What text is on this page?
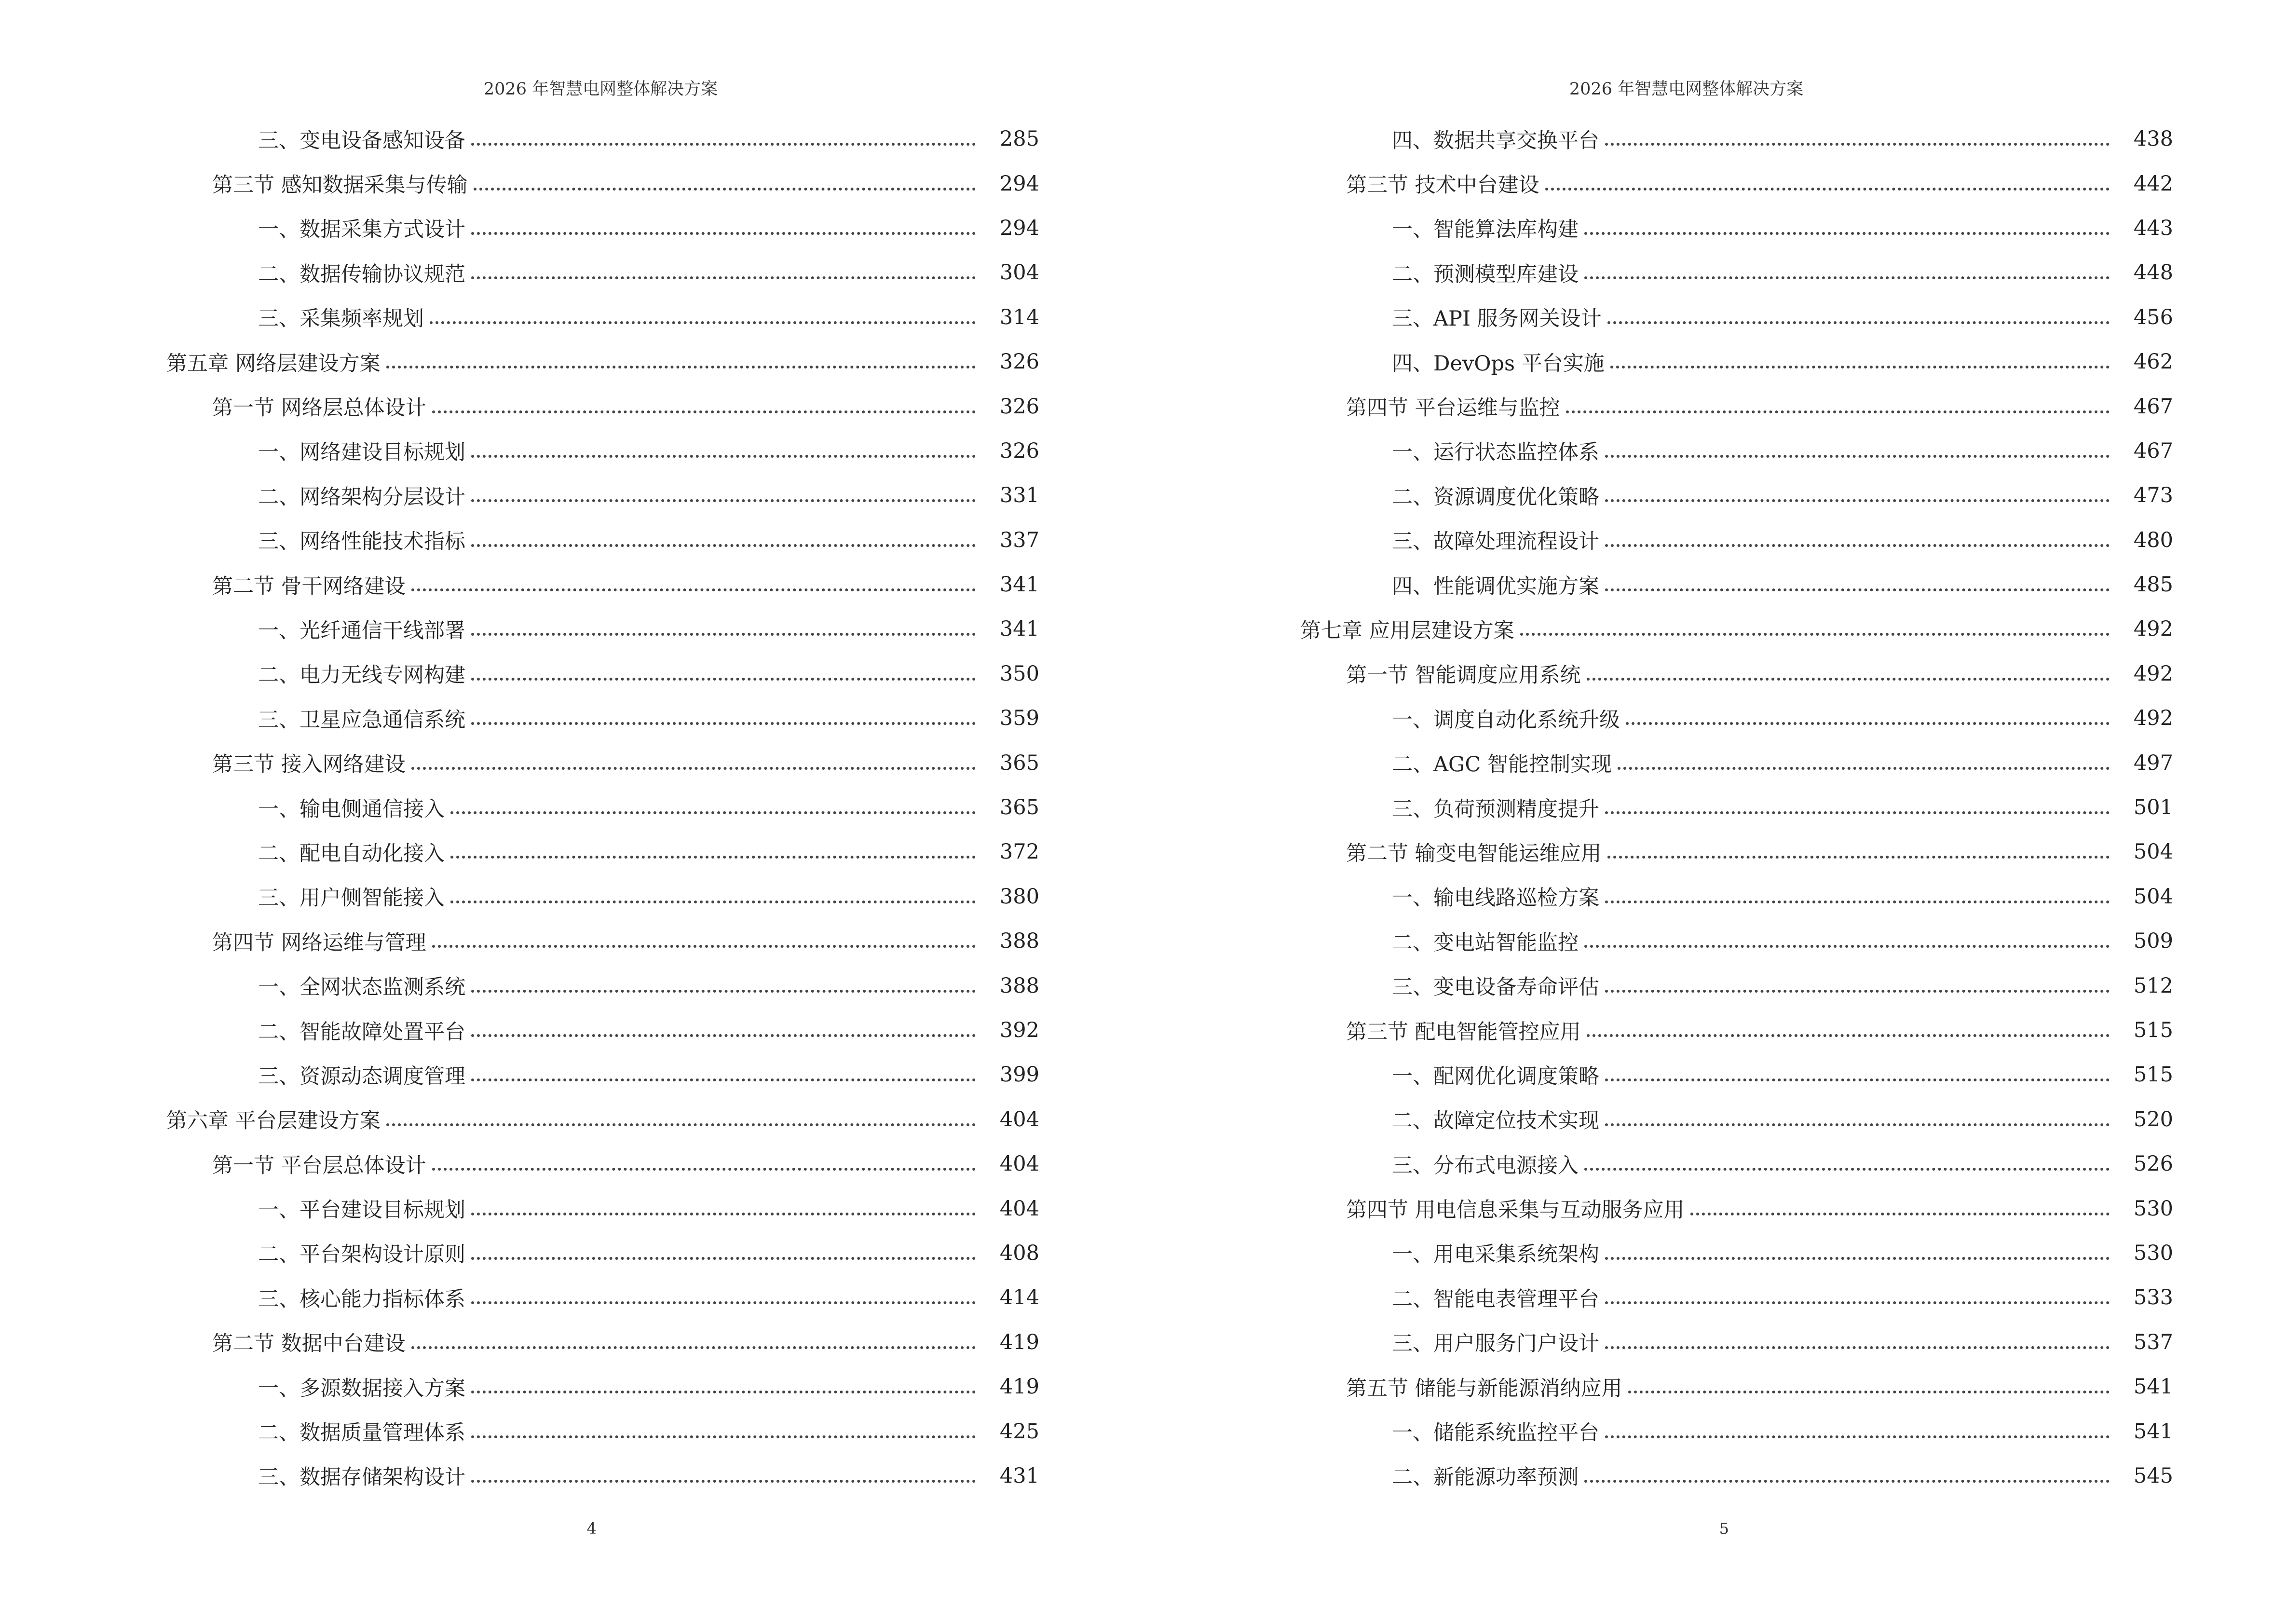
2026 年智慧电网整体解决方案
三、变电设备感知设备	285
第三节 感知数据采集与传输	294
一、数据采集方式设计	294
二、数据传输协议规范	304
三、采集频率规划	314
第五章 网络层建设方案	326
第一节 网络层总体设计	326
一、网络建设目标规划	326
二、网络架构分层设计	331
三、网络性能技术指标	337
第二节 骨干网络建设	341
一、光纤通信干线部署	341
二、电力无线专网构建	350
三、卫星应急通信系统	359
第三节 接入网络建设	365
一、输电侧通信接入	365
二、配电自动化接入	372
三、用户侧智能接入	380
第四节 网络运维与管理	388
一、全网状态监测系统	388
二、智能故障处置平台	392
三、资源动态调度管理	399
第六章 平台层建设方案	404
第一节 平台层总体设计	404
一、平台建设目标规划	404
二、平台架构设计原则	408
三、核心能力指标体系	414
第二节 数据中台建设	419
一、多源数据接入方案	419
二、数据质量管理体系	425
三、数据存储架构设计	431
4
2026 年智慧电网整体解决方案
四、数据共享交换平台	438
第三节 技术中台建设	442
一、智能算法库构建	443
二、预测模型库建设	448
三、API 服务网关设计	456
四、DevOps 平台实施	462
第四节 平台运维与监控	467
一、运行状态监控体系	467
二、资源调度优化策略	473
三、故障处理流程设计	480
四、性能调优实施方案	485
第七章 应用层建设方案	492
第一节 智能调度应用系统	492
一、调度自动化系统升级	492
二、AGC 智能控制实现	497
三、负荷预测精度提升	501
第二节 输变电智能运维应用	504
一、输电线路巡检方案	504
二、变电站智能监控	509
三、变电设备寿命评估	512
第三节 配电智能管控应用	515
一、配网优化调度策略	515
二、故障定位技术实现	520
三、分布式电源接入	526
第四节 用电信息采集与互动服务应用	530
一、用电采集系统架构	530
二、智能电表管理平台	533
三、用户服务门户设计	537
第五节 储能与新能源消纳应用	541
一、储能系统监控平台	541
二、新能源功率预测	545
5
